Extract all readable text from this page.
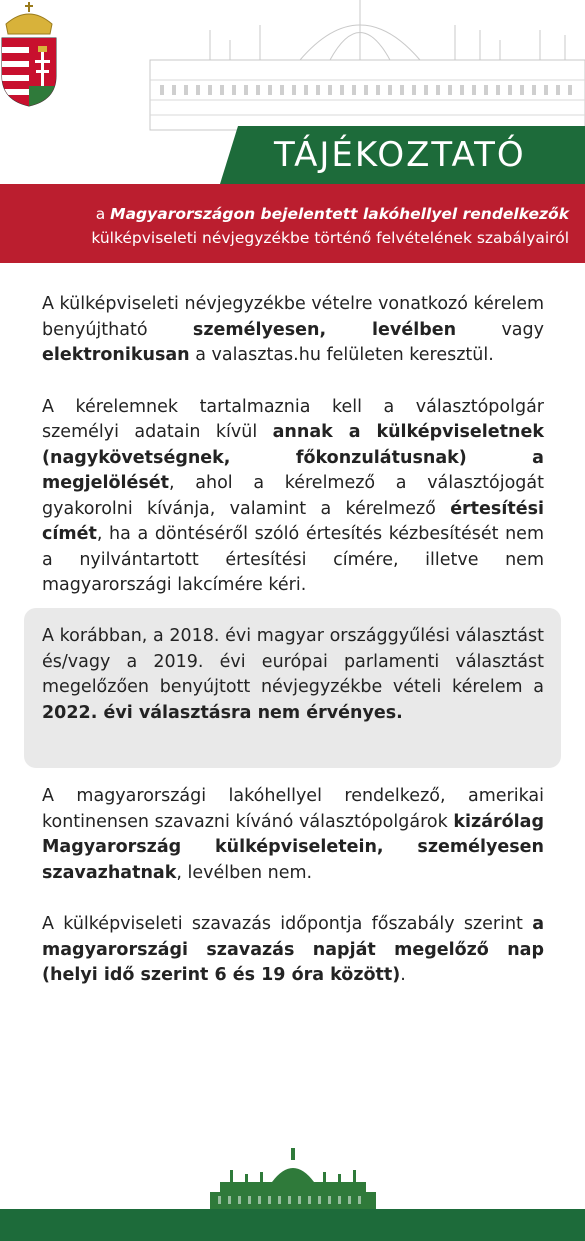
TÁJÉKOZTATÓ
a Magyarországon bejelentett lakóhellyel rendelkezők
külképviseleti névjegyzékbe történő felvételének szabályairól

A külképviseleti névjegyzékbe vételre vonatkozó kérelem benyújtható személyesen, levélben vagy elektronikusan a valasztas.hu felületen keresztül.

A kérelemnek tartalmaznia kell a választópolgár személyi adatain kívül annak a külképviseletnek (nagykövetségnek, főkonzulátusnak) a megjelölését, ahol a kérelmező a választójogát gyakorolni kívánja, valamint a kérelmező értesítési címét, ha a döntéséről szóló értesítés kézbesítését nem a nyilvántartott értesítési címére, illetve nem magyarországi lakcímére kéri.

A korábban, a 2018. évi magyar országgyűlési választást és/vagy a 2019. évi európai parlamenti választást megelőzően benyújtott névjegyzékbe vételi kérelem a 2022. évi választásra nem érvényes.

A magyarországi lakóhellyel rendelkező, amerikai kontinensen szavazni kívánó választópolgárok kizárólag Magyarország külképviseletein, személyesen szavazhatnak, levélben nem.

A külképviseleti szavazás időpontja főszabály szerint a magyarországi szavazás napját megelőző nap (helyi idő szerint 6 és 19 óra között).
